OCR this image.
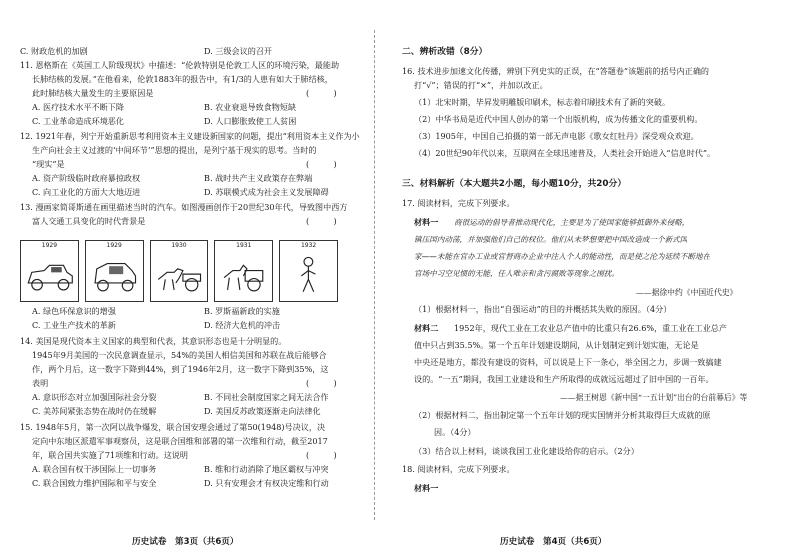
C. 财政危机的加剧	D. 三级会议的召开
11. 恩格斯在《英国工人阶级现状》中描述：“伦敦特别是伦敦工人区的环境污染，最能助
长肺结核的发展。”在他看来，伦敦1883年的报告中，有1/3的人患有如大于肺结核，
此时肺结核大量发生的主要原因是	(　　　)
A. 医疗技术水平不断下降	B. 农业衰退导致食物短缺
C. 工业革命造成环境恶化	D. 人口膨胀致使工人贫困
12. 1921年春，列宁开始重新思考利用资本主义建设新国家的问题，提出“利用资本主义作为小
生产向社会主义过渡的‘中间环节’”思想的提出，是列宁基于现实的思考。当时的
“现实”是	(　　　)
A. 资产阶级临时政府暴掠政权	B. 战时共产主义政策存在弊端
C. 向工业化的方面大大地迈进	D. 苏联模式成为社会主义发展障碍
13. 漫画家简哥斯通在画里描述当时的汽车。如图漫画创作于20世纪30年代，导致图中西方
富人交通工具变化的时代背景是	(　　　)
1929	1929	1930	1931	1932
A. 绿色环保意识的增强	B. 罗斯福新政的实施
C. 工业生产技术的革新	D. 经济大危机的冲击
14. 美国是现代资本主义国家的典型和代表，其意识形态也是十分明显的。
1945年9月美国的一次民意调查显示，54%的美国人相信美国和苏联在战后能够合
作，两个月后，这一数字下降到44%，到了1946年2月，这一数字下降到35%，这
表明	(　　　)
A. 意识形态对立加强国际社会分裂	B. 不同社会制度国家之间无法合作
C. 美苏间紧张态势在战时仍在缓解	D. 美国反苏政策逐渐走向法律化
15. 1948年5月，第一次阿以战争爆发，联合国安理会通过了第50(1948)号决议，决
定向中东地区派遣军事观察员，这是联合国维和部署的第一次维和行动，截至2017
年，联合国共实施了71项维和行动。这说明	(　　　)
A. 联合国有权干涉国际上一切事务	B. 维和行动消除了地区霸权与冲突
C. 联合国致力维护国际和平与安全	D. 只有安理会才有权决定维和行动
历史试卷　第3页（共6页）
二、辨析改错（8分）
16. 技术进步加速文化传播，辨别下列史实的正误，在“答题卷”该题前的括号内正确的
打“√”；错误的打“×”，并加以改正。
（1）北宋时期，毕昇发明雕版印刷术，标志着印刷技术有了新的突破。
（2）中华书局是近代中国人创办的第一个出版机构，成为传播文化的重要机构。
（3）1905年，中国自己拍摄的第一部无声电影《歌女红牡丹》深受观众欢迎。
（4）20世纪90年代以来，互联网在全球迅速普及，人类社会开始进入“信息时代”。
三、材料解析（本大题共2小题，每小题10分，共20分）
17. 阅读材料，完成下列要求。
材料一 商很运动的倡导者推动现代化，主要是为了使国家能够抵御外来侵略，
镇压国内动荡，并加强他们自己的权位。他们从未梦想要把中国改造成一个新式国
家——未能在官办工业或官督商办企业中注入个人的能动性，而是使之沦为延续不断地在
官场中习空见惯的无能、任人唯亲和贪污腐败等现象之围扰。
——据徐中约《中国近代史》
（1）根据材料一，指出“自强运动”的目的并概括其失败的原因。（4分）
材料二 1952年，现代工业在工农业总产值中的比重只有26.6%，重工业在工业总产
值中只占到35.5%。第一个五年计划建设期间，从计划制定到计划实施，无论是
中央还是地方，都没有建设的资料，可以说是上下一条心，举全国之力，步调一致搞建
设的。“一五”期间，我国工业建设和生产所取得的成就远远超过了旧中国的一百年。
——据王树恩《新中国“一五计划”出台的台前幕后》等
（2）根据材料二，指出制定第一个五年计划的现实国情并分析其取得巨大成就的原
因。（4分）
（3）结合以上材料，谈谈我国工业化建设给你的启示。（2分）
18. 阅读材料，完成下列要求。
材料一
历史试卷　第4页（共6页）
